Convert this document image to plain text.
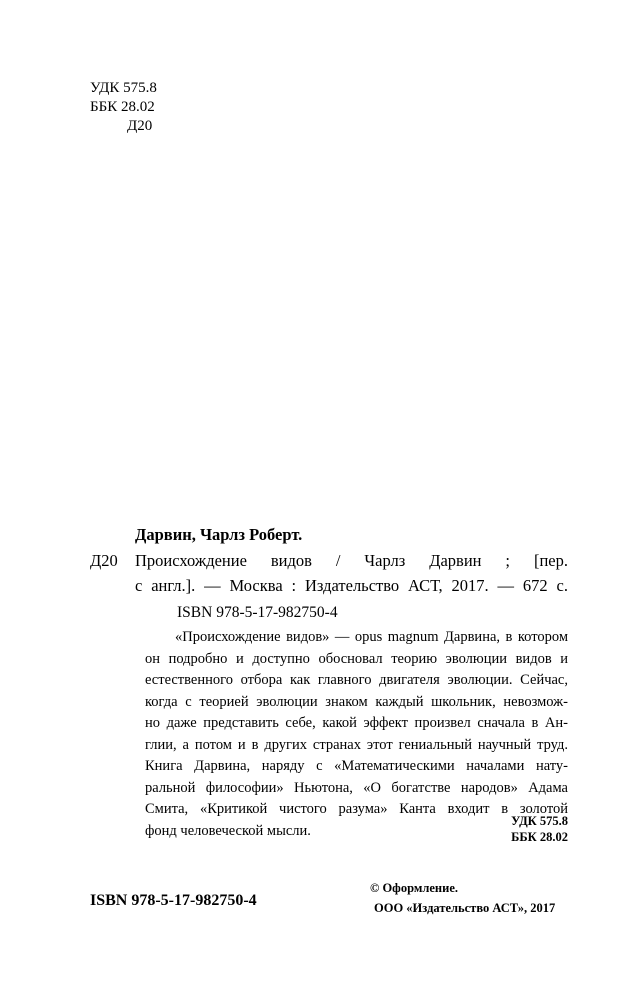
УДК 575.8
ББК 28.02
Д20
Дарвин, Чарлз Роберт.
Д20 Происхождение видов / Чарлз Дарвин ; [пер.
с англ.]. — Москва : Издательство АСТ, 2017. — 672 с.
ISBN 978-5-17-982750-4
«Происхождение видов» — opus magnum Дарвина, в котором
он подробно и доступно обосновал теорию эволюции видов и
естественного отбора как главного двигателя эволюции. Сейчас,
когда с теорией эволюции знаком каждый школьник, невозмож-
но даже представить себе, какой эффект произвел сначала в Ан-
глии, а потом и в других странах этот гениальный научный труд.
Книга Дарвина, наряду с «Математическими началами нату-
ральной философии» Ньютона, «О богатстве народов» Адама
Смита, «Критикой чистого разума» Канта входит в золотой
фонд человеческой мысли.
УДК 575.8
ББК 28.02
ISBN 978-5-17-982750-4
© Оформление.
ООО «Издательство АСТ», 2017
